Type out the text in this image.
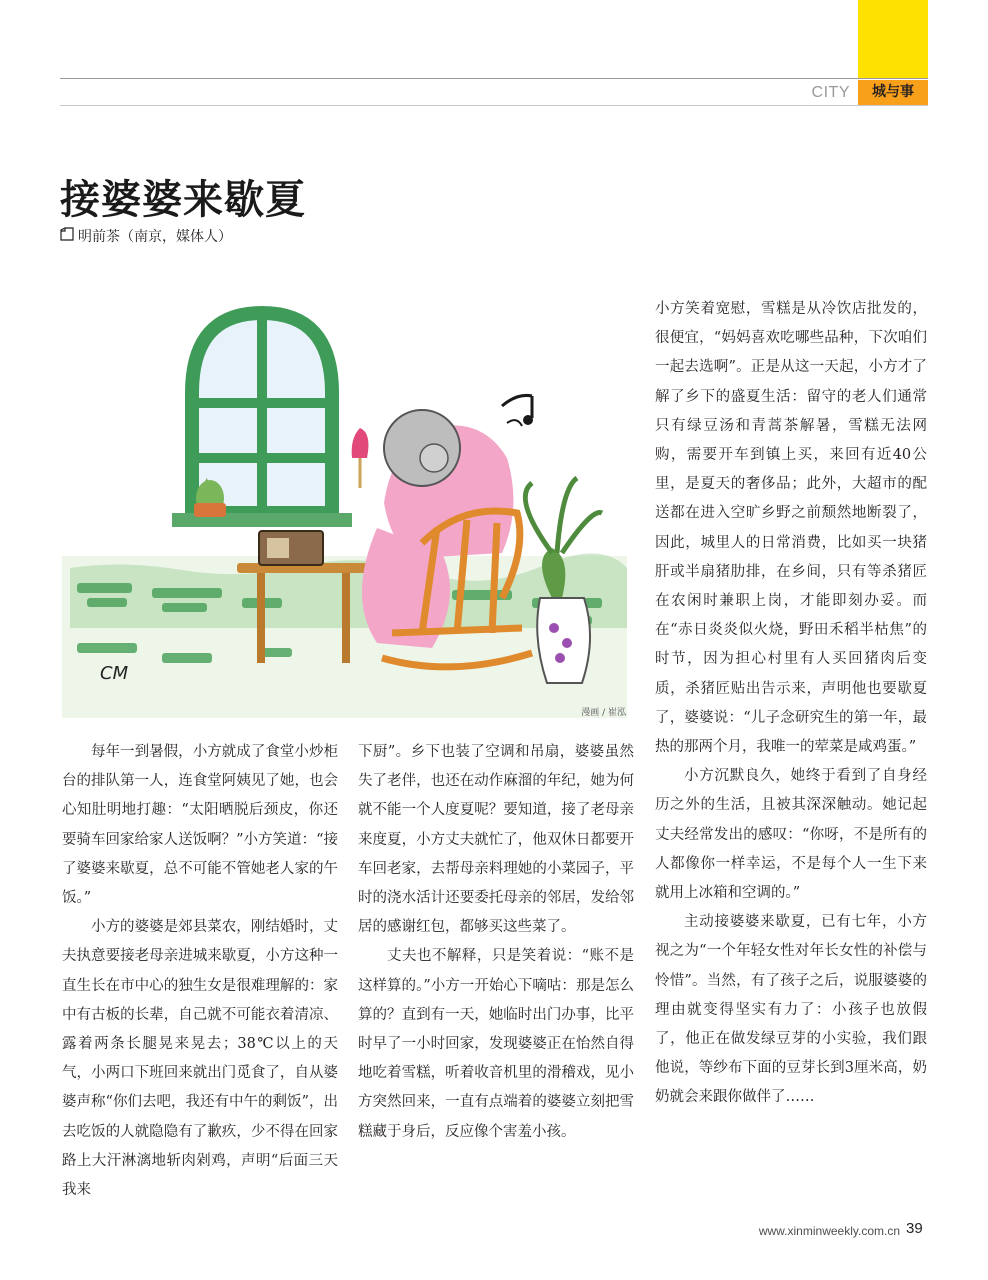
CITY	城与事
接婆婆来歇夏
明前茶（南京，媒体人）
CM
漫画 / 崔泓

每年一到暑假，小方就成了食堂小炒柜台的排队第一人，连食堂阿姨见了她，也会心知肚明地打趣：“太阳晒脱后颈皮，你还要骑车回家给家人送饭啊？”小方笑道：“接了婆婆来歇夏，总不可能不管她老人家的午饭。”

小方的婆婆是郊县菜农，刚结婚时，丈夫执意要接老母亲进城来歇夏，小方这种一直生长在市中心的独生女是很难理解的：家中有古板的长辈，自己就不可能衣着清凉、露着两条长腿晃来晃去；38℃以上的天气，小两口下班回来就出门觅食了，自从婆婆声称“你们去吧，我还有中午的剩饭”，出去吃饭的人就隐隐有了歉疚，少不得在回家路上大汗淋漓地斩肉剁鸡，声明“后面三天我来

下厨”。乡下也装了空调和吊扇，婆婆虽然失了老伴，也还在动作麻溜的年纪，她为何就不能一个人度夏呢？要知道，接了老母亲来度夏，小方丈夫就忙了，他双休日都要开车回老家，去帮母亲料理她的小菜园子，平时的浇水活计还要委托母亲的邻居，发给邻居的感谢红包，都够买这些菜了。

丈夫也不解释，只是笑着说：“账不是这样算的。”小方一开始心下嘀咕：那是怎么算的？直到有一天，她临时出门办事，比平时早了一小时回家，发现婆婆正在怡然自得地吃着雪糕，听着收音机里的滑稽戏，见小方突然回来，一直有点端着的婆婆立刻把雪糕藏于身后，反应像个害羞小孩。

小方笑着宽慰，雪糕是从冷饮店批发的，很便宜，“妈妈喜欢吃哪些品种，下次咱们一起去选啊”。正是从这一天起，小方才了解了乡下的盛夏生活：留守的老人们通常只有绿豆汤和青蒿茶解暑，雪糕无法网购，需要开车到镇上买，来回有近40公里，是夏天的奢侈品；此外，大超市的配送都在进入空旷乡野之前颓然地断裂了，因此，城里人的日常消费，比如买一块猪肝或半扇猪肋排，在乡间，只有等杀猪匠在农闲时兼职上岗，才能即刻办妥。而在“赤日炎炎似火烧，野田禾稻半枯焦”的时节，因为担心村里有人买回猪肉后变质，杀猪匠贴出告示来，声明他也要歇夏了，婆婆说：“儿子念研究生的第一年，最热的那两个月，我唯一的荤菜是咸鸡蛋。”

小方沉默良久，她终于看到了自身经历之外的生活，且被其深深触动。她记起丈夫经常发出的感叹：“你呀，不是所有的人都像你一样幸运，不是每个人一生下来就用上冰箱和空调的。”

主动接婆婆来歇夏，已有七年，小方视之为“一个年轻女性对年长女性的补偿与怜惜”。当然，有了孩子之后，说服婆婆的理由就变得坚实有力了：小孩子也放假了，他正在做发绿豆芽的小实验，我们跟他说，等纱布下面的豆芽长到3厘米高，奶奶就会来跟你做伴了……

www.xinminweekly.com.cn 39
